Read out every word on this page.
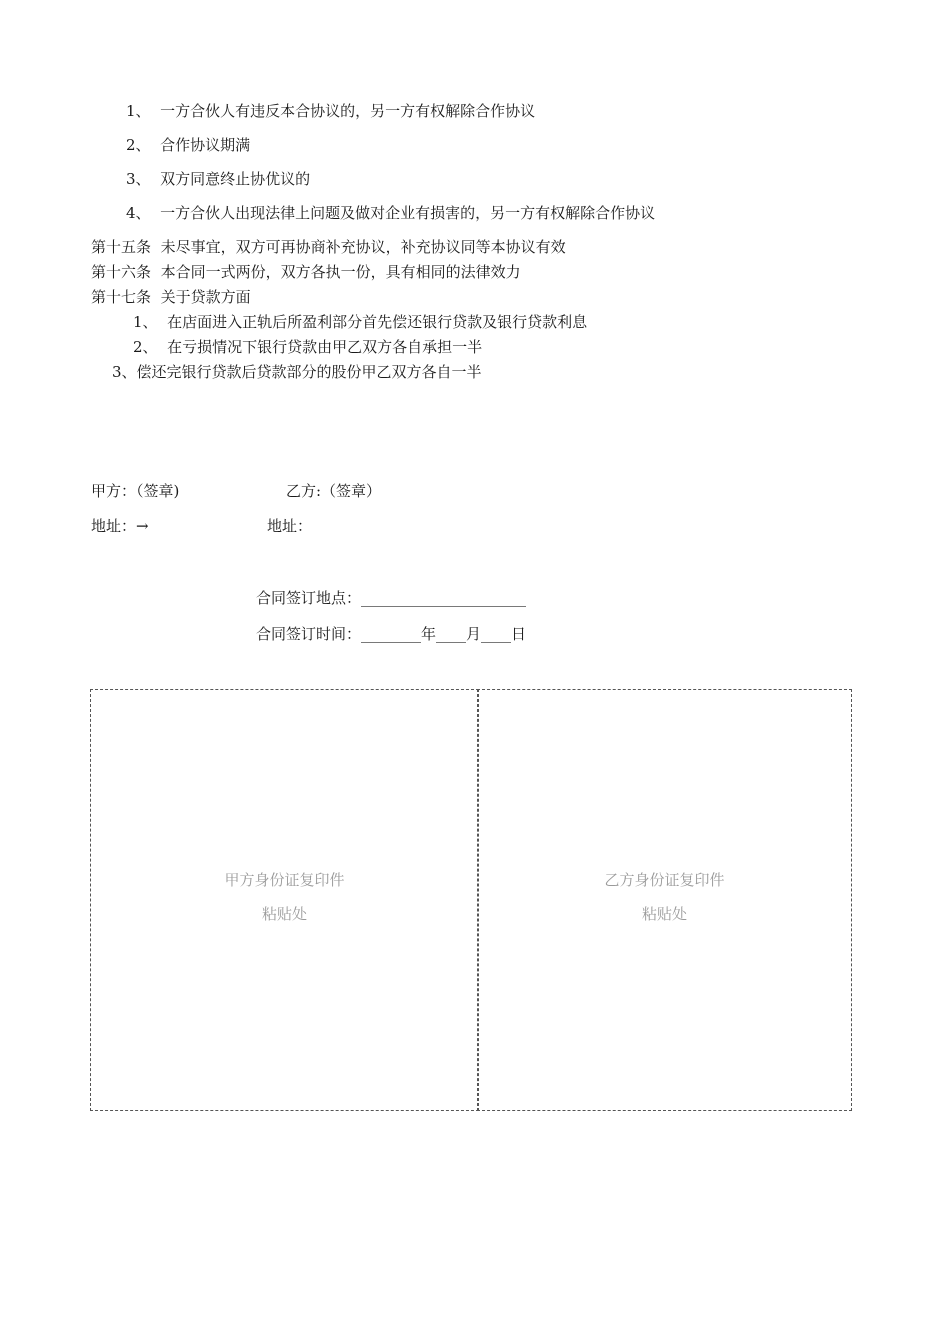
1、 一方合伙人有违反本合协议的，另一方有权解除合作协议
2、 合作协议期满
3、 双方同意终止协优议的
4、 一方合伙人出现法律上问题及做对企业有损害的，另一方有权解除合作协议
第十五条 未尽事宜，双方可再协商补充协议，补充协议同等本协议有效
第十六条 本合同一式两份，双方各执一份，具有相同的法律效力
第十七条 关于贷款方面
1、 在店面进入正轨后所盈利部分首先偿还银行贷款及银行贷款利息
2、 在亏损情况下银行贷款由甲乙双方各自承担一半
3、偿还完银行贷款后贷款部分的股份甲乙双方各自一半
甲方：（签章)	乙方:（签章）
地址：→	地址：
合同签订地点：______________________
合同签订时间：________年____月____日
甲方身份证复印件
粘贴处
乙方身份证复印件
粘贴处
